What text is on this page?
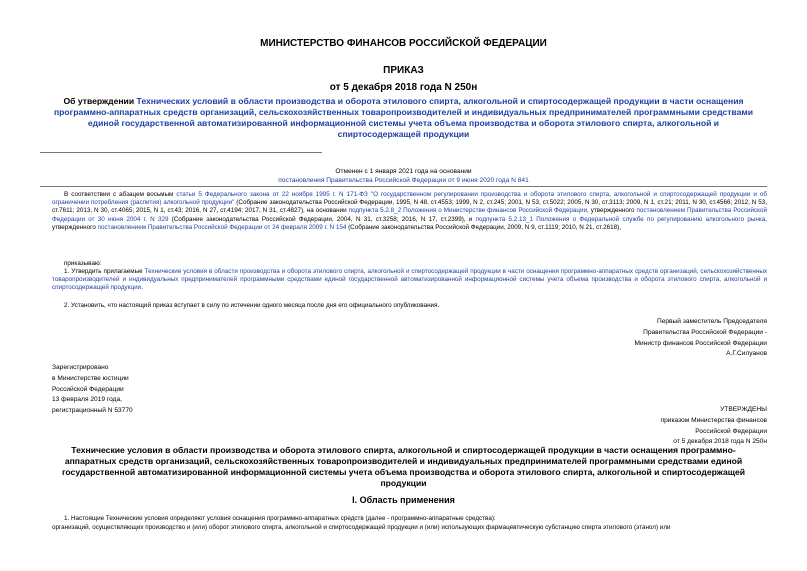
МИНИСТЕРСТВО ФИНАНСОВ РОССИЙСКОЙ ФЕДЕРАЦИИ
ПРИКАЗ
от 5 декабря 2018 года N 250н
Об утверждении Технических условий в области производства и оборота этилового спирта, алкогольной и спиртосодержащей продукции в части оснащения программно-аппаратных средств организаций, сельскохозяйственных товаропроизводителей и индивидуальных предпринимателей программными средствами единой государственной автоматизированной информационной системы учета объема производства и оборота этилового спирта, алкогольной и спиртосодержащей продукции
Отменен с 1 января 2021 года на основании
постановления Правительства Российской Федерации от 9 июня 2020 года N 841
В соответствии с абзацем восьмым статьи 5 Федерального закона от 22 ноября 1995 г. N 171-ФЗ "О государственном регулировании производства и оборота этилового спирта, алкогольной и спиртосодержащей продукции и об ограничении потребления (распития) алкогольной продукции" (Собрание законодательства Российской Федерации, 1995, N 48, ст.4553; 1999, N 2, ст.245; 2001, N 53, ст.5022; 2005, N 30, ст.3113; 2009, N 1, ст.21; 2011, N 30, ст.4566; 2012, N 53, ст.7611; 2013, N 30, ст.4065; 2015, N 1, ст.43; 2016, N 27, ст.4194; 2017, N 31, ст.4827), на основании подпункта 5.2.8_2 Положения о Министерстве финансов Российской Федерации, утвержденного постановлением Правительства Российской Федерации от 30 июня 2004 г. N 329 (Собрание законодательства Российской Федерации, 2004, N 31, ст.3258; 2016, N 17, ст.2399), и подпункта 5.2.13_1 Положения о Федеральной службе по регулированию алкогольного рынка, утвержденного постановлением Правительства Российской Федерации от 24 февраля 2009 г. N 154 (Собрание законодательства Российской Федерации, 2009, N 9, ст.1119; 2010, N 21, ст.2618),
приказываю:
1. Утвердить прилагаемые Технические условия в области производства и оборота этилового спирта, алкогольной и спиртосодержащей продукции в части оснащения программно-аппаратных средств организаций, сельскохозяйственных товаропроизводителей и индивидуальных предпринимателей программными средствами единой государственной автоматизированной информационной системы учета объема производства и оборота этилового спирта, алкогольной и спиртосодержащей продукции.
2. Установить, что настоящий приказ вступает в силу по истечении одного месяца после дня его официального опубликования.
Первый заместитель Председателя
Правительства Российской Федерации -
Министр финансов Российской Федерации
А.Г.Силуанов
Зарегистрировано
в Министерстве юстиции
Российской Федерации
13 февраля 2019 года,
регистрационный N 53770	УТВЕРЖДЕНЫ
приказом Министерства финансов
Российской Федерации
от 5 декабря 2018 года N 250н
Технические условия в области производства и оборота этилового спирта, алкогольной и спиртосодержащей продукции в части оснащения программно-аппаратных средств организаций, сельскохозяйственных товаропроизводителей и индивидуальных предпринимателей программными средствами единой государственной автоматизированной информационной системы учета объема производства и оборота этилового спирта, алкогольной и спиртосодержащей продукции
I. Область применения
1. Настоящие Технические условия определяют условия оснащения программно-аппаратных средств (далее - программно-аппаратные средства):
организаций, осуществляющих производство и (или) оборот этилового спирта, алкогольной и спиртосодержащей продукции и (или) использующих фармацевтическую субстанцию спирта этилового (этанол) или
